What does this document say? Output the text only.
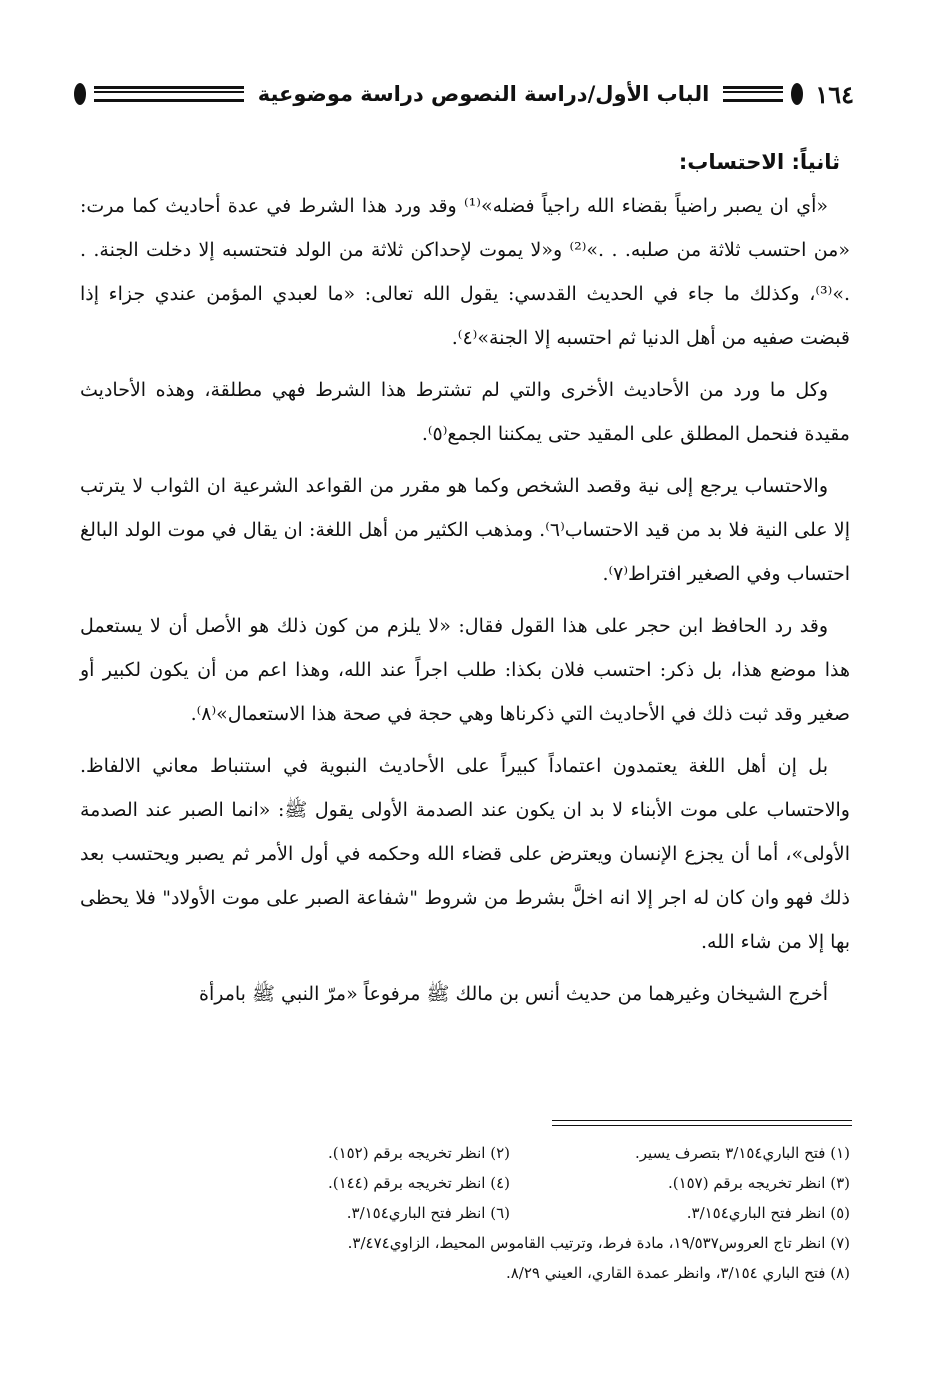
١٦٤
الباب الأول/دراسة النصوص دراسة موضوعية
ثانياً: الاحتساب:

«أي ان يصبر راضياً بقضاء الله راجياً فضله»⁽¹⁾ وقد ورد هذا الشرط في عدة أحاديث كما مرت: «من احتسب ثلاثة من صلبه. . .»⁽²⁾ و«لا يموت لإحداكن ثلاثة من الولد فتحتسبه إلا دخلت الجنة. . .»⁽³⁾، وكذلك ما جاء في الحديث القدسي: يقول الله تعالى: «ما لعبدي المؤمن عندي جزاء إذا قبضت صفيه من أهل الدنيا ثم احتسبه إلا الجنة»⁽٤⁾.

وكل ما ورد من الأحاديث الأخرى والتي لم تشترط هذا الشرط فهي مطلقة، وهذه الأحاديث مقيدة فنحمل المطلق على المقيد حتى يمكننا الجمع⁽٥⁾.

والاحتساب يرجع إلى نية وقصد الشخص وكما هو مقرر من القواعد الشرعية ان الثواب لا يترتب إلا على النية فلا بد من قيد الاحتساب⁽٦⁾. ومذهب الكثير من أهل اللغة: ان يقال في موت الولد البالغ احتساب وفي الصغير افتراط⁽٧⁾.

وقد رد الحافظ ابن حجر على هذا القول فقال: «لا يلزم من كون ذلك هو الأصل أن لا يستعمل هذا موضع هذا، بل ذكر: احتسب فلان بكذا: طلب اجراً عند الله، وهذا اعم من أن يكون لكبير أو صغير وقد ثبت ذلك في الأحاديث التي ذكرناها وهي حجة في صحة هذا الاستعمال»⁽٨⁾.

بل إن أهل اللغة يعتمدون اعتماداً كبيراً على الأحاديث النبوية في استنباط معاني الالفاظ. والاحتساب على موت الأبناء لا بد ان يكون عند الصدمة الأولى يقول ﷺ: «انما الصبر عند الصدمة الأولى»، أما أن يجزع الإنسان ويعترض على قضاء الله وحكمه في أول الأمر ثم يصبر ويحتسب بعد ذلك فهو وان كان له اجر إلا انه اخلَّ بشرط من شروط "شفاعة الصبر على موت الأولاد" فلا يحظى بها إلا من شاء الله.

أخرج الشيخان وغيرهما من حديث أنس بن مالك ﷺ مرفوعاً «مرّ النبي ﷺ بامرأة

(١) فتح الباري٣/١٥٤ بتصرف يسير.
(٢) انظر تخريجه برقم (١٥٢).
(٣) انظر تخريجه برقم (١٥٧).
(٤) انظر تخريجه برقم (١٤٤).
(٥) انظر فتح الباري٣/١٥٤.
(٦) انظر فتح الباري٣/١٥٤.
(٧) انظر تاج العروس١٩/٥٣٧، مادة فرط، وترتيب القاموس المحيط، الزاوي٣/٤٧٤.
(٨) فتح الباري ٣/١٥٤، وانظر عمدة القاري، العيني ٨/٢٩.
